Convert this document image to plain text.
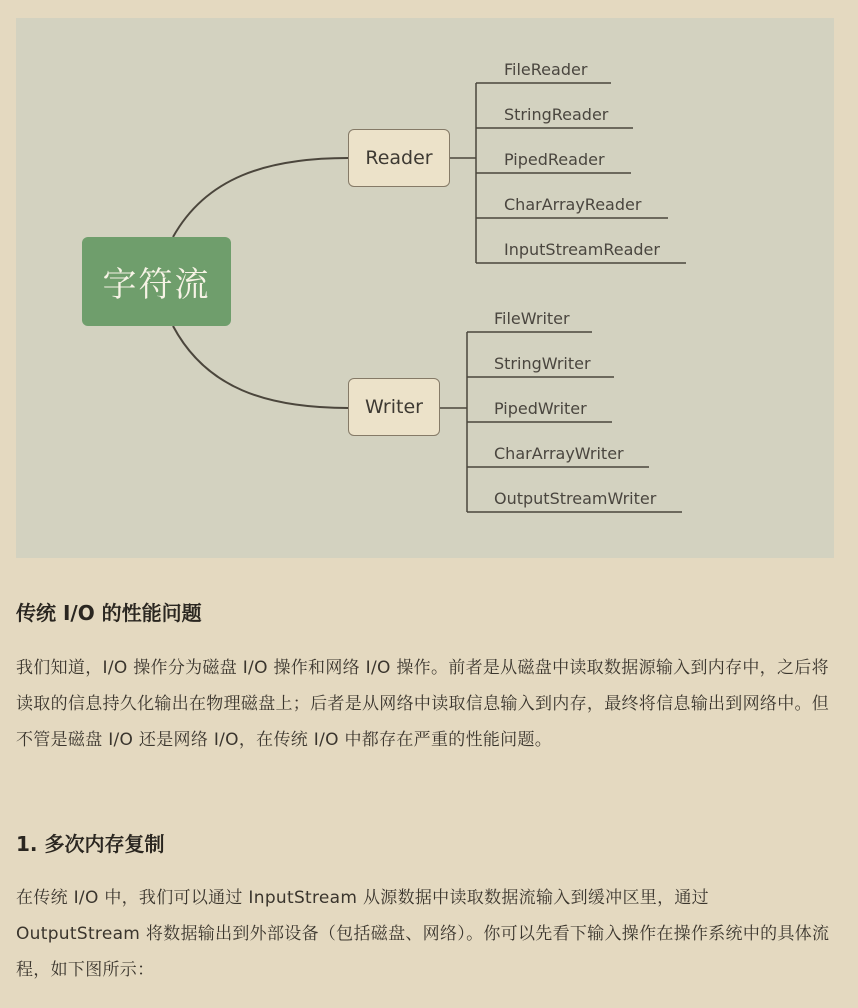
字符流
Reader
Writer
FileReader
StringReader
PipedReader
CharArrayReader
InputStreamReader
FileWriter
StringWriter
PipedWriter
CharArrayWriter
OutputStreamWriter
传统 I/O 的性能问题

我们知道，I/O 操作分为磁盘 I/O 操作和网络 I/O 操作。前者是从磁盘中读取数据源输入到内存中，之后将读取的信息持久化输出在物理磁盘上；后者是从网络中读取信息输入到内存，最终将信息输出到网络中。但不管是磁盘 I/O 还是网络 I/O，在传统 I/O 中都存在严重的性能问题。

1. 多次内存复制

在传统 I/O 中，我们可以通过 InputStream 从源数据中读取数据流输入到缓冲区里，通过 OutputStream 将数据输出到外部设备（包括磁盘、网络）。你可以先看下输入操作在操作系统中的具体流程，如下图所示：
